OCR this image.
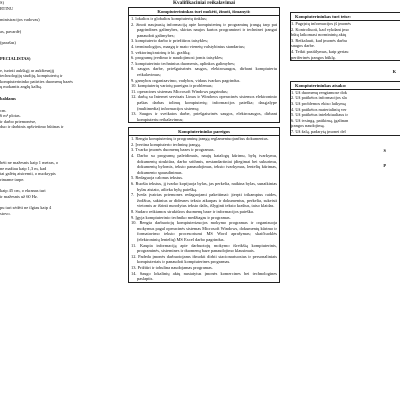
S)
RTINU
ministracijos vadovas)
as, pavardė)
(parašas)
PECIALISTAS)
e, turinti aukštąjį ar aukštesnįjį
technologijų studijų, kompiuterių ir
kompiuterininko patirties duomenų bazės
ų mokantis anglų kalbą.
baldams
cm.
6 m² plotas.
ir darbo priemonėse,
duo ir darbinis apšvietimo būtinas ir
bėti ne mažesnis kaip 1 metras, o
ne mažiau kaip 1,3 m, kad
tai galėtų atsiremti, o nuokrypis
rimame tarpe.
kaip 45 cm, o ekranas turi
ir mažesnis už 60 Hz.
pu turi sėdėti ne ilgiau kaip 4
stovo.
Kvalifikaciniai reikalavimai
Kompiuterininkas turi mokėti, žinoti, išmanyti:
1. lokalios ir globalios kompiuterių tinklus;
2. žinoti naujausią informaciją apie kompiuterinę ir programinę įrangą tarp pat pagrindines galimybes, skirtas naujos kartos programinei ir techninei įrangai panaudoti galimybes;
3. kompiuterio darbo ir priežiūros taisykles;
4. terminologijos, mazgų ir mato vienetų valstybinius standartus;
5. vektorinę/rastrinę ir kt. grafiką;
6. programų įvedimo ir naudojimosi jomis taisykles;
7. kompiuterinio techninius duomenis, aplinkos galimybes;
8. saugos darbe, priešgaisrinės saugos, elektrosaugos, dirbant kompiuteriu reikalavimus;
9. gamybos organizavimo, vadybos, vidaus tvarkos pagrindus.
10. kompiuterių variotų pareigas ir problemas;
11. operacines sistemas Microsoft Windows pagrindus;
12. darbą su Internet servisais Linux ir Windows operacinės sistemos elektroninio paštas darbas tolimų kompiuterių; informacijos paieška; dasąjalype (multimedia) informacijos sistemų;
13. Saugos ir sveikatos darbe, priešgaisrinės saugos, elektrosaugos, dirbant kompiuteriu reikalavimus;
Kompiuterininko pareigos
1. Rengia kompiuterinę ir programinę įrangą reglamentuojančius dokumentus.
2. Įvertina kompiuterio techninę įrangą.
3. Tvarko įmonės duomenų bazes ir programas.
4. Darbo su programų paleidimais, naujų katalogų kūrimu, bylų tvarkymu, dokumentų struktūra, darbo srithmis, nestandartiniai įdiegimai bei sukurimu, dokumentų bylomis, teksto panaudojimas, teksto tvarkymas, lentelių kūrimas, dokumento spausdinimas.
5. Redaguoja calonus tekstus.
6. Ruošia tekstus, įį tvarko kopijuoja bylas, jas perkelia, naikina bylas, sunaikintas bylas atstato, atlieka bylų paiešką.
7. Įveda įvairias priemones redaguojami pakeitimai: įterpti trikampius raides, žodžius, sakinius ar didesnes teksto atkarpas ir dokumentus, perkelia, sukeisti vietomis ar išrinti nurodytus teksto dalis, išlyginti teksto kraštus, taiso klaidas.
8. Sudaro reikiamos struktūros duomenų baze ir informacijos paieška.
9. Įgyja kompiuterinio techniko medžiagas ir programas.
10. Rengia darbuotojų kompiuterizuojos mokymo programas ir organizuoja mokymus pagal operacinės sistemas Microsoft Windows, dokumentų kūrimo ir formatavimo teksto procesoriumi MS Word aprašymas; skaičiuoklės (elektroninių lentelių) MS Excel darbo pagrindus.
11. Kaupia informaciją apie darbuotojų mokymo išreikštą kompiuterinis, programinės, sistemines ir duomenų baze panaudojimo klausimais.
12. Padeda įmonės darbuotojams išmokti dirbti stacionariuosius ir personaliniais kompiuteriais ir panaudoti kompiuterines programas.
13. Prižiūri ir tobulina naudojamas programas.
14. Saugo lokalinių aktų nustatytus įmonės komercines bei technologines paslaptis.
Kompiuterininkas turi teise:
1. Pagrįstų informacijos įš įmonės
2. Kontroliuoti, kad vykdant įmo
būtų laikomasi normininių aktų
3. Reikalauti, kad įmonės darbu
saugos darbe.
4. Teikti pasiūlymus, kaip geriau
periferinės įrangos būklę.
K
Kompiuterininkas atsako:
1. Už duomenų rengiamose dok
2. Už patikėtos informacijos sla
3. Už problemos ekiso laikymą
4. Už patikėtos materialinių ver
5. Už patikėtus intelektualiaus ir
6. Už tvsingą, patikimą, įgalinan
įrangos naudojimą.
7. Už žalą, padarytą įmonei del
S
P
